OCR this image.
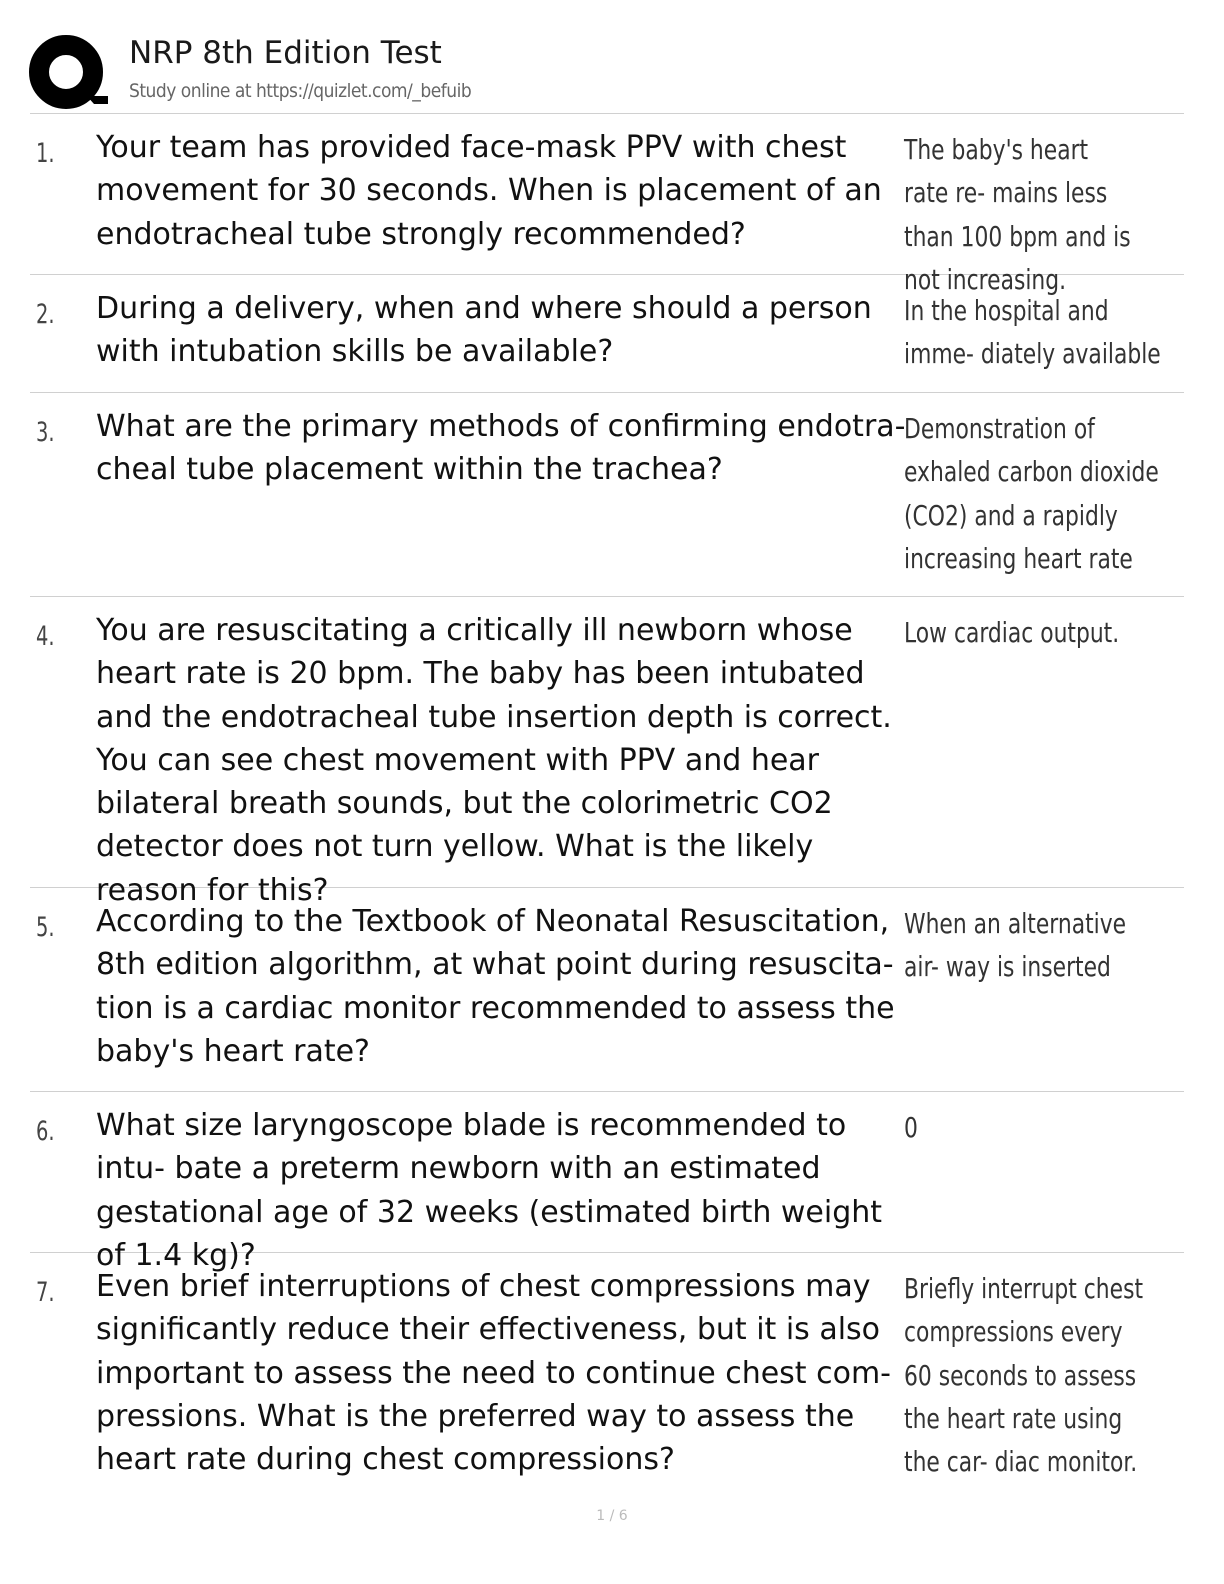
NRP 8th Edition Test
Study online at https://quizlet.com/_befuib
1. Your team has provided face-mask PPV with chest movement for 30 seconds. When is placement of an endotracheal tube strongly recommended?
The baby's heart rate re- mains less than 100 bpm and is not increasing.
2. During a delivery, when and where should a person with intubation skills be available?
In the hospital and imme- diately available
3. What are the primary methods of confirming endotra- cheal tube placement within the trachea?
Demonstration of exhaled carbon dioxide (CO2) and a rapidly increasing heart rate
4. You are resuscitating a critically ill newborn whose heart rate is 20 bpm. The baby has been intubated and the endotracheal tube insertion depth is correct. You can see chest movement with PPV and hear bilateral breath sounds, but the colorimetric CO2 detector does not turn yellow. What is the likely reason for this?
Low cardiac output.
5. According to the Textbook of Neonatal Resuscitation, 8th edition algorithm, at what point during resuscita- tion is a cardiac monitor recommended to assess the baby's heart rate?
When an alternative air- way is inserted
6. What size laryngoscope blade is recommended to intu- bate a preterm newborn with an estimated gestational age of 32 weeks (estimated birth weight of 1.4 kg)?
0
7. Even brief interruptions of chest compressions may significantly reduce their effectiveness, but it is also important to assess the need to continue chest com- pressions. What is the preferred way to assess the heart rate during chest compressions?
Briefly interrupt chest compressions every 60 seconds to assess the heart rate using the car- diac monitor.
1 / 6
